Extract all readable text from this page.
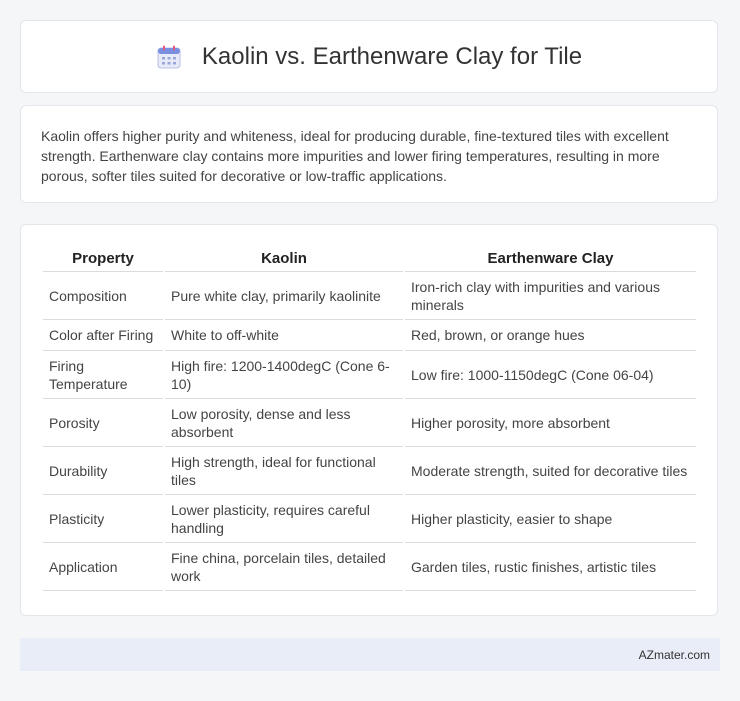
Kaolin vs. Earthenware Clay for Tile

Kaolin offers higher purity and whiteness, ideal for producing durable, fine-textured tiles with excellent strength. Earthenware clay contains more impurities and lower firing temperatures, resulting in more porous, softer tiles suited for decorative or low-traffic applications.

Property	Kaolin	Earthenware Clay
Composition	Pure white clay, primarily kaolinite	Iron-rich clay with impurities and various minerals
Color after Firing	White to off-white	Red, brown, or orange hues
Firing Temperature	High fire: 1200-1400degC (Cone 6-10)	Low fire: 1000-1150degC (Cone 06-04)
Porosity	Low porosity, dense and less absorbent	Higher porosity, more absorbent
Durability	High strength, ideal for functional tiles	Moderate strength, suited for decorative tiles
Plasticity	Lower plasticity, requires careful handling	Higher plasticity, easier to shape
Application	Fine china, porcelain tiles, detailed work	Garden tiles, rustic finishes, artistic tiles
AZmater.com
